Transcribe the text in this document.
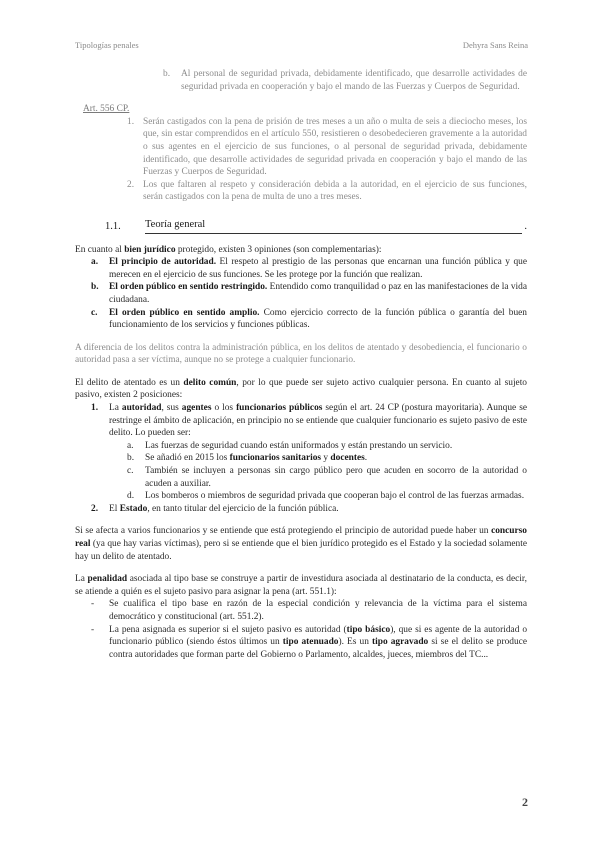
Tipologías penales	Dehyra Sans Reina
b.	Al personal de seguridad privada, debidamente identificado, que desarrolle actividades de seguridad privada en cooperación y bajo el mando de las Fuerzas y Cuerpos de Seguridad.
Art. 556 CP.
1. Serán castigados con la pena de prisión de tres meses a un año o multa de seis a dieciocho meses, los que, sin estar comprendidos en el artículo 550, resistieren o desobedecieren gravemente a la autoridad o sus agentes en el ejercicio de sus funciones, o al personal de seguridad privada, debidamente identificado, que desarrolle actividades de seguridad privada en cooperación y bajo el mando de las Fuerzas y Cuerpos de Seguridad.
2. Los que faltaren al respeto y consideración debida a la autoridad, en el ejercicio de sus funciones, serán castigados con la pena de multa de uno a tres meses.
1.1.	Teoría general	.
En cuanto al bien jurídico protegido, existen 3 opiniones (son complementarias):
a.	El principio de autoridad. El respeto al prestigio de las personas que encarnan una función pública y que merecen en el ejercicio de sus funciones. Se les protege por la función que realizan.
b.	El orden público en sentido restringido. Entendido como tranquilidad o paz en las manifestaciones de la vida ciudadana.
c.	El orden público en sentido amplio. Como ejercicio correcto de la función pública o garantía del buen funcionamiento de los servicios y funciones públicas.
A diferencia de los delitos contra la administración pública, en los delitos de atentado y desobediencia, el funcionario o autoridad pasa a ser víctima, aunque no se protege a cualquier funcionario.
El delito de atentado es un delito común, por lo que puede ser sujeto activo cualquier persona. En cuanto al sujeto pasivo, existen 2 posiciones:
1.	La autoridad, sus agentes o los funcionarios públicos según el art. 24 CP (postura mayoritaria). Aunque se restringe el ámbito de aplicación, en principio no se entiende que cualquier funcionario es sujeto pasivo de este delito. Lo pueden ser:
a.	Las fuerzas de seguridad cuando están uniformados y están prestando un servicio.
b.	Se añadió en 2015 los funcionarios sanitarios y docentes.
c.	También se incluyen a personas sin cargo público pero que acuden en socorro de la autoridad o acuden a auxiliar.
d.	Los bomberos o miembros de seguridad privada que cooperan bajo el control de las fuerzas armadas.
2.	El Estado, en tanto titular del ejercicio de la función pública.
Si se afecta a varios funcionarios y se entiende que está protegiendo el principio de autoridad puede haber un concurso real (ya que hay varias víctimas), pero si se entiende que el bien jurídico protegido es el Estado y la sociedad solamente hay un delito de atentado.
La penalidad asociada al tipo base se construye a partir de investidura asociada al destinatario de la conducta, es decir, se atiende a quién es el sujeto pasivo para asignar la pena (art. 551.1):
-	Se cualifica el tipo base en razón de la especial condición y relevancia de la víctima para el sistema democrático y constitucional (art. 551.2).
-	La pena asignada es superior si el sujeto pasivo es autoridad (tipo básico), que si es agente de la autoridad o funcionario público (siendo éstos últimos un tipo atenuado). Es un tipo agravado si se el delito se produce contra autoridades que forman parte del Gobierno o Parlamento, alcaldes, jueces, miembros del TC...
2
